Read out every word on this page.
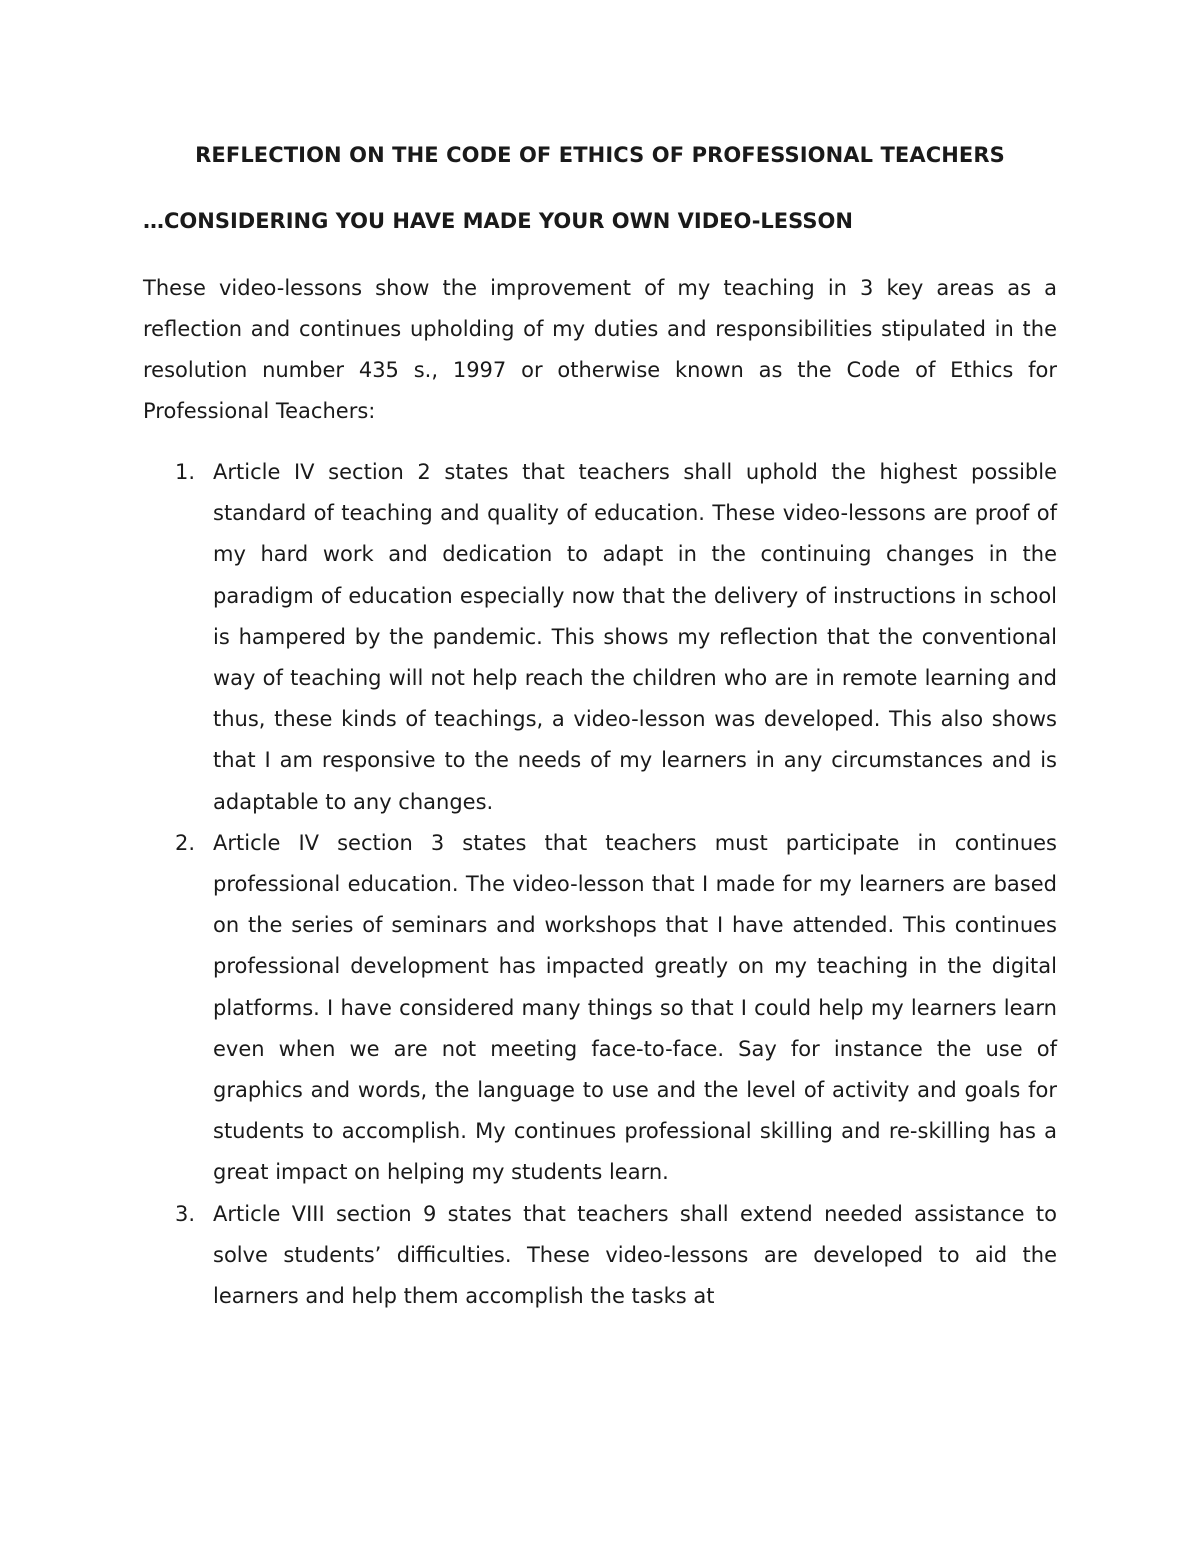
REFLECTION ON THE CODE OF ETHICS OF PROFESSIONAL TEACHERS
…CONSIDERING YOU HAVE MADE YOUR OWN VIDEO-LESSON

These video-lessons show the improvement of my teaching in 3 key areas as a reflection and continues upholding of my duties and responsibilities stipulated in the resolution number 435 s., 1997 or otherwise known as the Code of Ethics for Professional Teachers:

1. Article IV section 2 states that teachers shall uphold the highest possible standard of teaching and quality of education. These video-lessons are proof of my hard work and dedication to adapt in the continuing changes in the paradigm of education especially now that the delivery of instructions in school is hampered by the pandemic. This shows my reflection that the conventional way of teaching will not help reach the children who are in remote learning and thus, these kinds of teachings, a video-lesson was developed. This also shows that I am responsive to the needs of my learners in any circumstances and is adaptable to any changes.
2. Article IV section 3 states that teachers must participate in continues professional education. The video-lesson that I made for my learners are based on the series of seminars and workshops that I have attended. This continues professional development has impacted greatly on my teaching in the digital platforms. I have considered many things so that I could help my learners learn even when we are not meeting face-to-face. Say for instance the use of graphics and words, the language to use and the level of activity and goals for students to accomplish. My continues professional skilling and re-skilling has a great impact on helping my students learn.
3. Article VIII section 9 states that teachers shall extend needed assistance to solve students’ difficulties. These video-lessons are developed to aid the learners and help them accomplish the tasks at
